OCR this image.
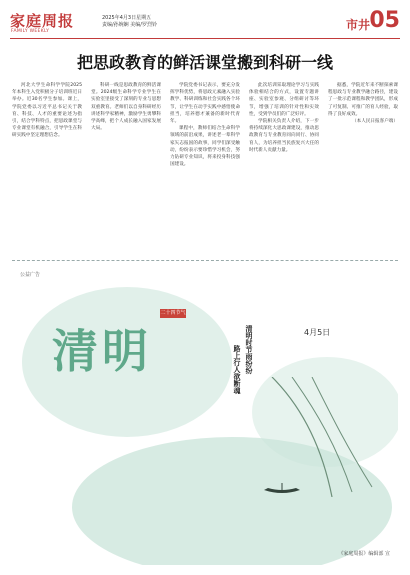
家庭周报
FAMILY WEEKLY
2025年4月3日星期五
责编/孙婉娴 美编/罗烈铃	市井 05
把思政教育的鲜活课堂搬到科研一线

河北大学生命科学学院2025年本科生入党积极分子培训班近日举办。近30名学生参加。课上，学院党委以习近平总书记关于教育、科技、人才的重要论述为指引，结合学科特点，把思政课堂与专业课堂有机融合，引导学生在科研实践中坚定理想信念。

科研一线是思政教育的鲜活课堂。2024级生命科学专业学生在实验室里接受了深刻的专业与思想双重教育。老师们以自身科研经历讲述科学家精神，激励学生勇攀科学高峰，把个人成长融入国家发展大局。

学院党委书记表示，要充分发挥学科优势，将思政元素融入实验教学、科研训练和社会实践各个环节，让学生在动手实践中感悟使命担当，培养德才兼备的新时代青年。

课程中，教师们结合生命科学领域的前沿成果，讲述老一辈科学家矢志报国的故事，同学们深受触动，纷纷表示要珍惜学习机会，努力钻研专业知识，将来投身科技强国建设。

此次培训采取理论学习与实践体验相结合的方式，设置专题讲座、实验室参观、分组研讨等环节，增强了培训的针对性和实效性，受到学员们的广泛好评。

学院相关负责人介绍，下一步将持续深化大思政课建设，推动思政教育与专业教育同向同行、协同育人，为培养担当民族复兴大任的时代新人贡献力量。

据悉，学院近年来不断探索课程思政与专业教学融合路径，建设了一批示范课程和教学团队，形成了可复制、可推广的育人经验，取得了良好成效。

（本人民日报客户端）

公益广告
二十四节气
清明	清明时节雨纷纷
路上行人欲断魂
4月5日
《家庭周报》编辑部 宣
